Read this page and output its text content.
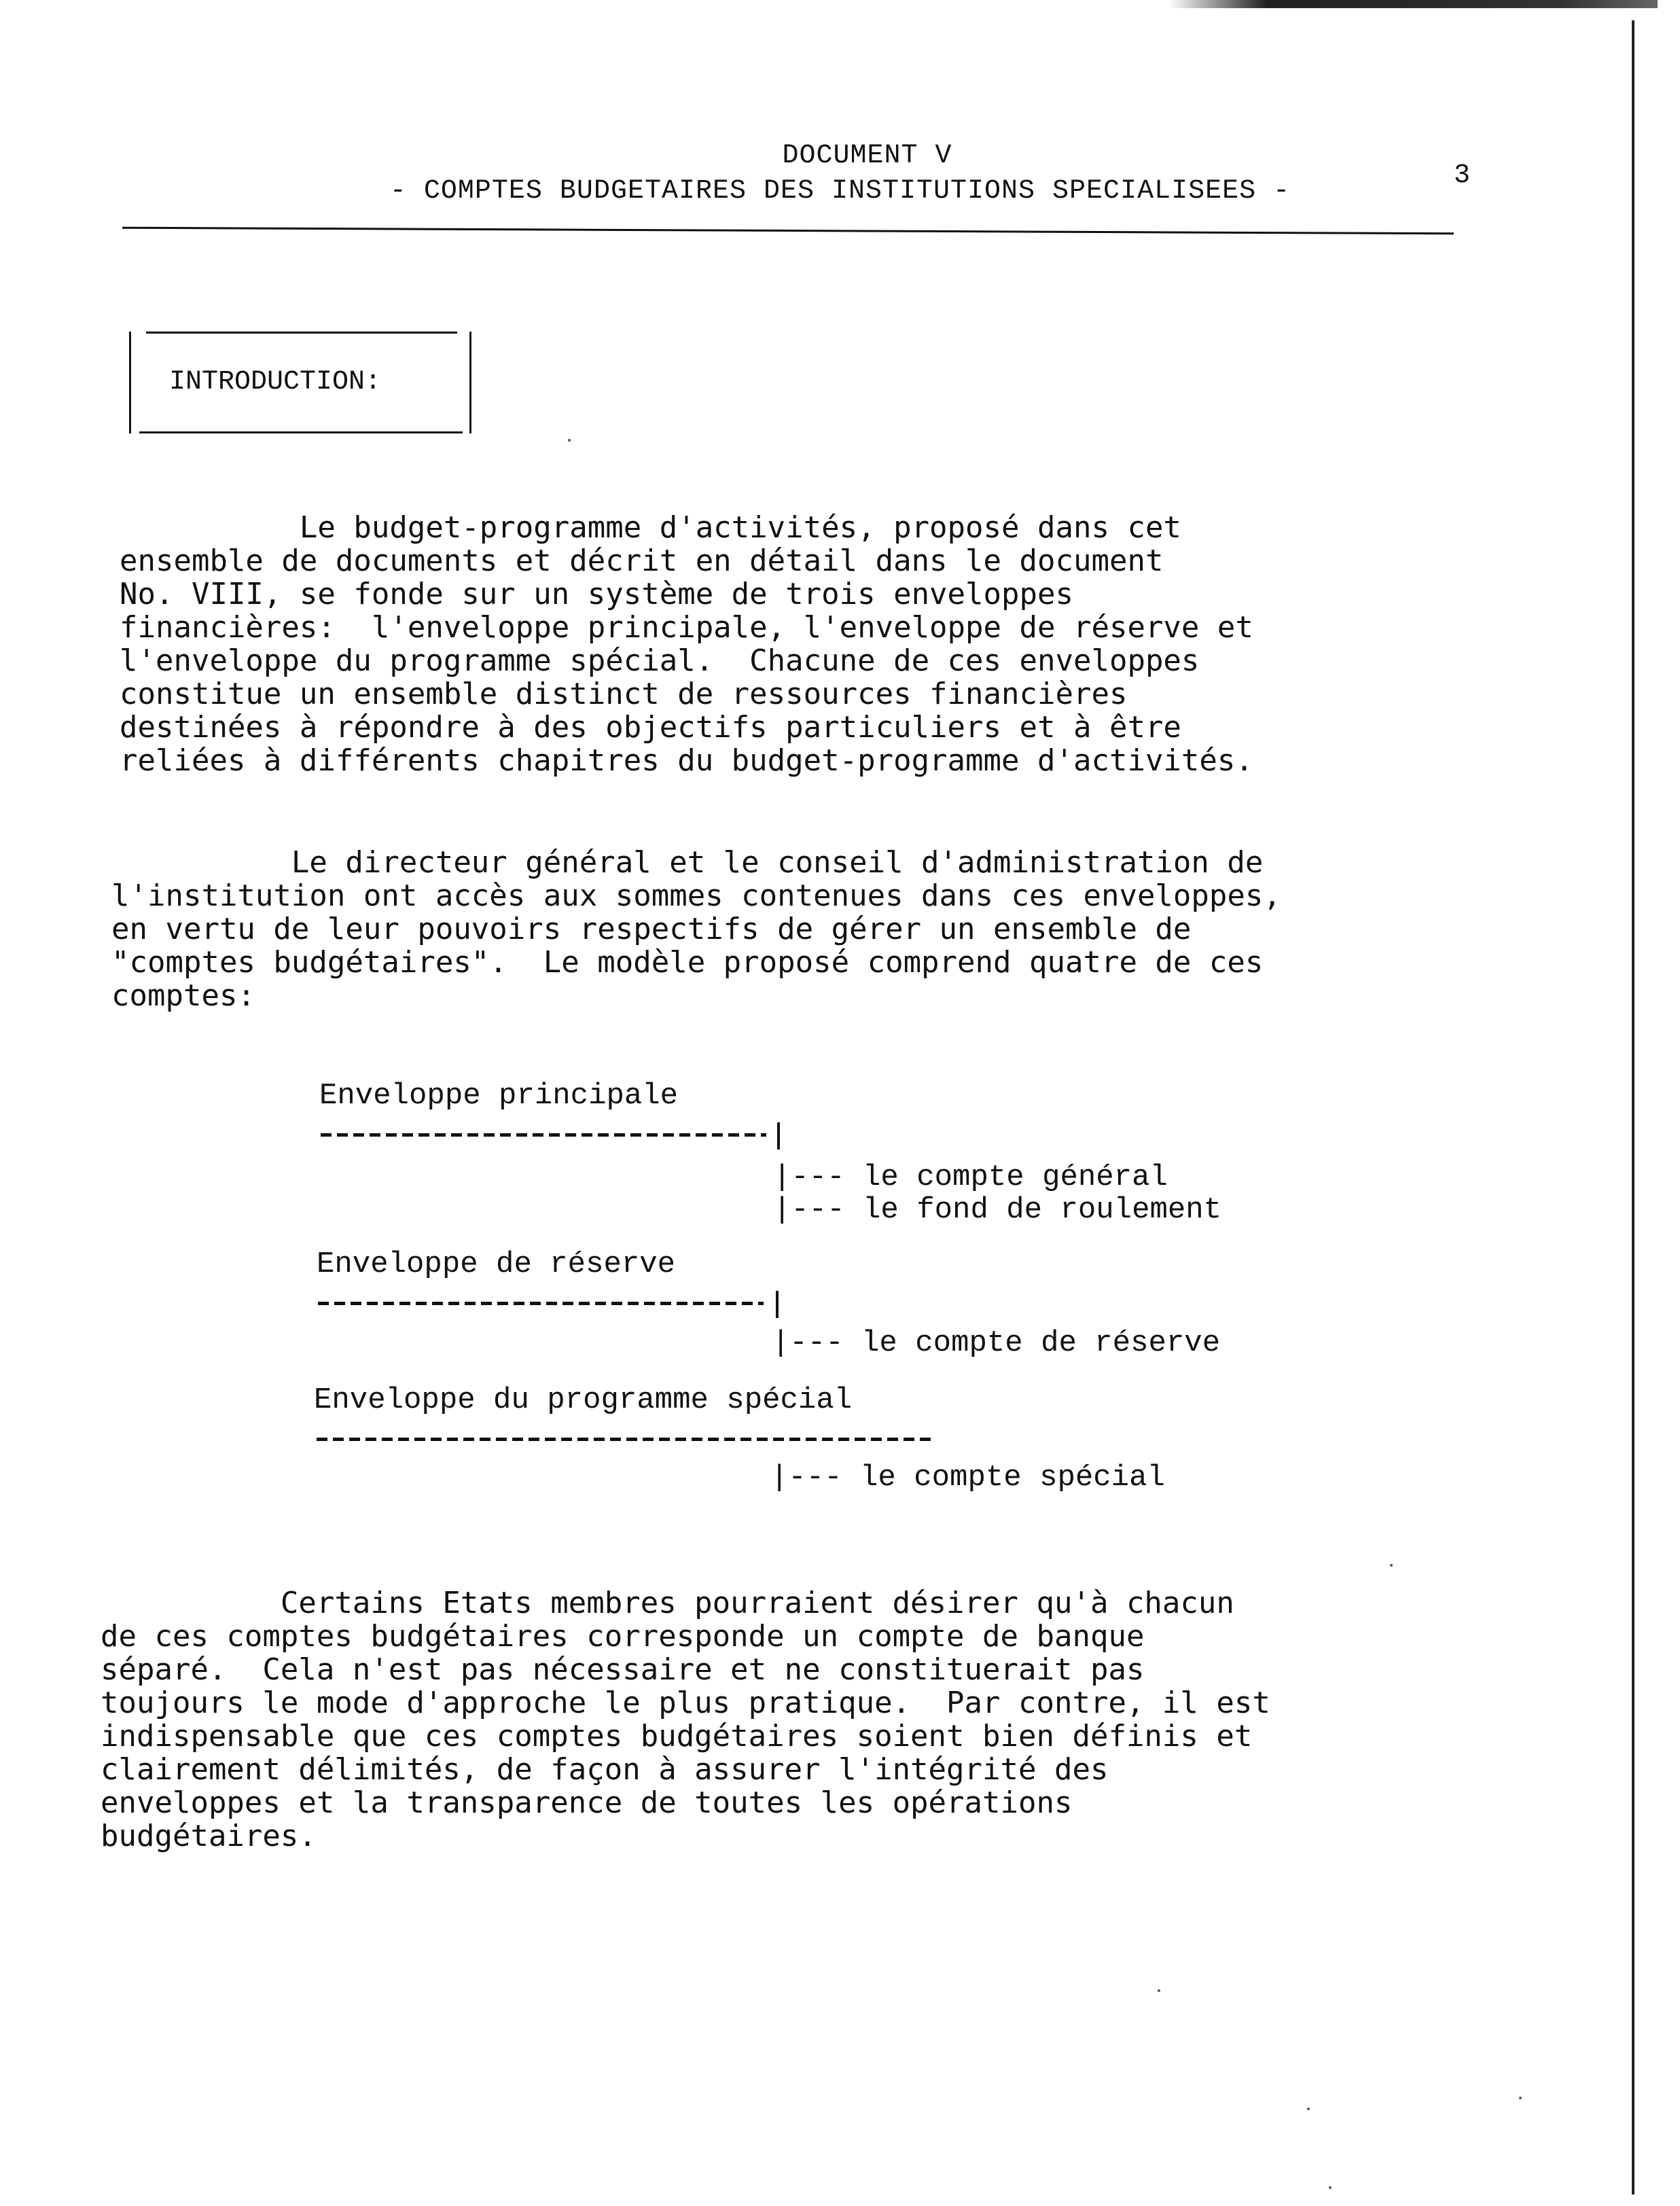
DOCUMENT V
- COMPTES BUDGETAIRES DES INSTITUTIONS SPECIALISEES -
3
INTRODUCTION:
Le budget-programme d'activités, proposé dans cet
ensemble de documents et décrit en détail dans le document
No. VIII, se fonde sur un système de trois enveloppes
financières:  l'enveloppe principale, l'enveloppe de réserve et
l'enveloppe du programme spécial.  Chacune de ces enveloppes
constitue un ensemble distinct de ressources financières
destinées à répondre à des objectifs particuliers et à être
reliées à différents chapitres du budget-programme d'activités.
Le directeur général et le conseil d'administration de
l'institution ont accès aux sommes contenues dans ces enveloppes,
en vertu de leur pouvoirs respectifs de gérer un ensemble de
"comptes budgétaires".  Le modèle proposé comprend quatre de ces
comptes:
Enveloppe principale
|--- le compte général
|--- le fond de roulement
Enveloppe de réserve
|--- le compte de réserve
Enveloppe du programme spécial
|--- le compte spécial
Certains Etats membres pourraient désirer qu'à chacun
de ces comptes budgétaires corresponde un compte de banque
séparé.  Cela n'est pas nécessaire et ne constituerait pas
toujours le mode d'approche le plus pratique.  Par contre, il est
indispensable que ces comptes budgétaires soient bien définis et
clairement délimités, de façon à assurer l'intégrité des
enveloppes et la transparence de toutes les opérations
budgétaires.
